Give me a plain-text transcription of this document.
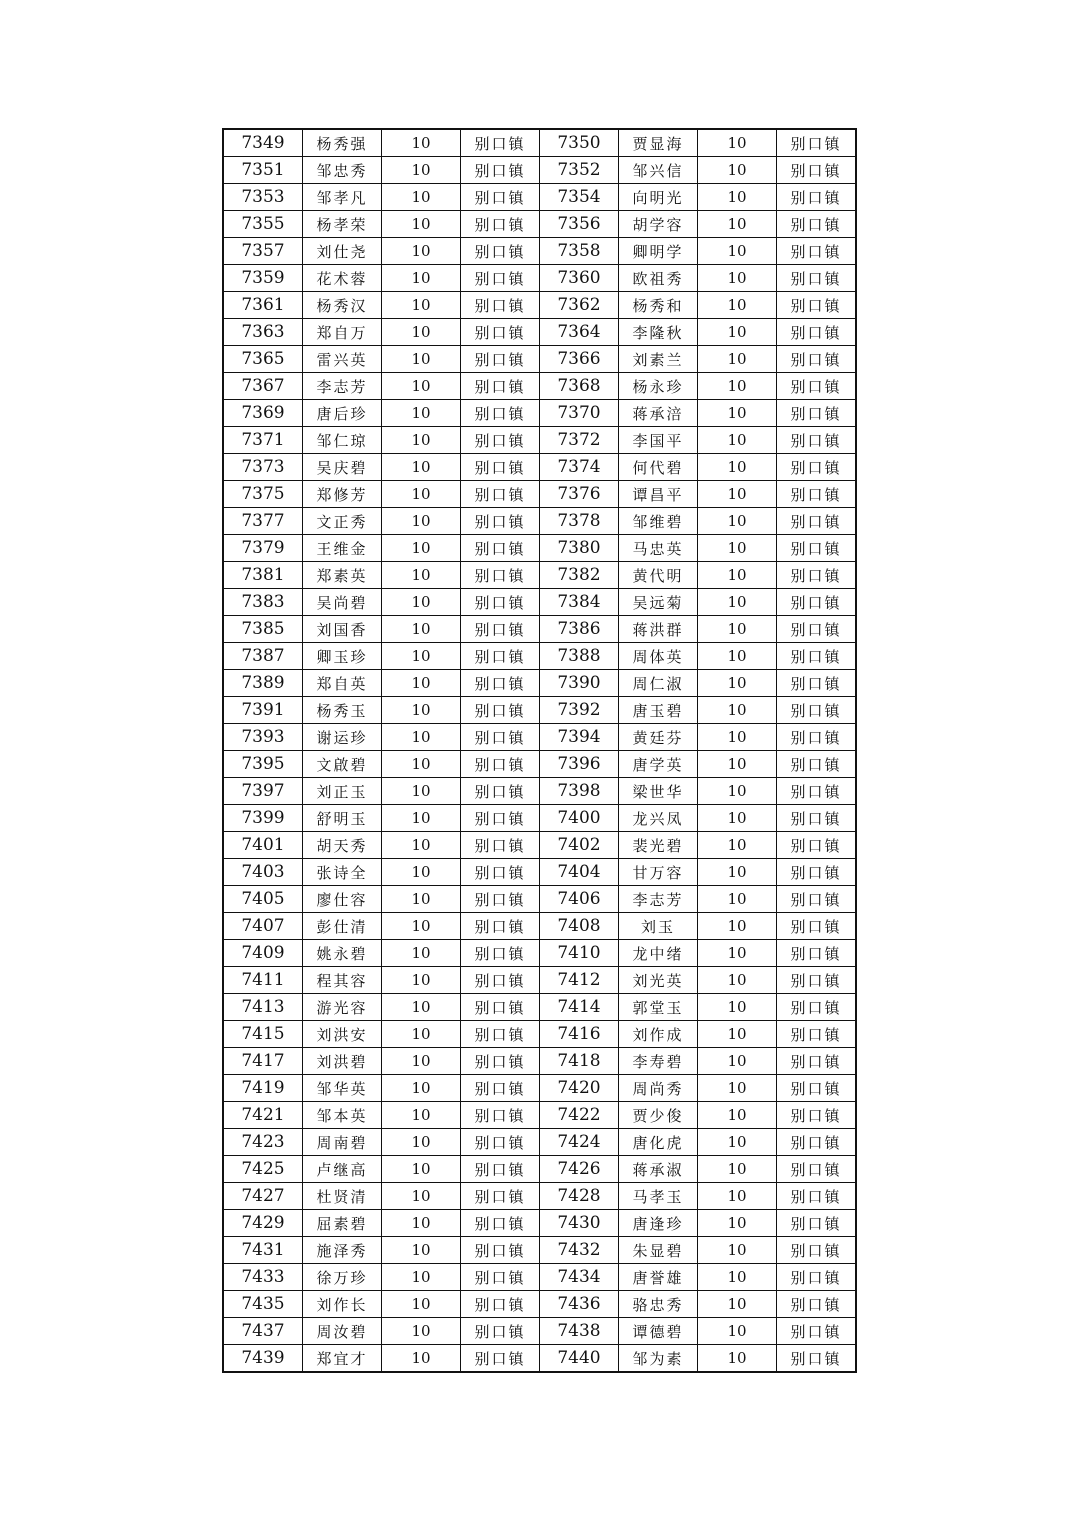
7349	杨秀强	10	别口镇	7350	贾显海	10	别口镇
7351	邹忠秀	10	别口镇	7352	邹兴信	10	别口镇
7353	邹孝凡	10	别口镇	7354	向明光	10	别口镇
7355	杨孝荣	10	别口镇	7356	胡学容	10	别口镇
7357	刘仕尧	10	别口镇	7358	卿明学	10	别口镇
7359	花术蓉	10	别口镇	7360	欧祖秀	10	别口镇
7361	杨秀汉	10	别口镇	7362	杨秀和	10	别口镇
7363	郑自万	10	别口镇	7364	李隆秋	10	别口镇
7365	雷兴英	10	别口镇	7366	刘素兰	10	别口镇
7367	李志芳	10	别口镇	7368	杨永珍	10	别口镇
7369	唐后珍	10	别口镇	7370	蒋承涪	10	别口镇
7371	邹仁琼	10	别口镇	7372	李国平	10	别口镇
7373	吴庆碧	10	别口镇	7374	何代碧	10	别口镇
7375	郑修芳	10	别口镇	7376	谭昌平	10	别口镇
7377	文正秀	10	别口镇	7378	邹维碧	10	别口镇
7379	王维金	10	别口镇	7380	马忠英	10	别口镇
7381	郑素英	10	别口镇	7382	黄代明	10	别口镇
7383	吴尚碧	10	别口镇	7384	吴远菊	10	别口镇
7385	刘国香	10	别口镇	7386	蒋洪群	10	别口镇
7387	卿玉珍	10	别口镇	7388	周体英	10	别口镇
7389	郑自英	10	别口镇	7390	周仁淑	10	别口镇
7391	杨秀玉	10	别口镇	7392	唐玉碧	10	别口镇
7393	谢运珍	10	别口镇	7394	黄廷芬	10	别口镇
7395	文啟碧	10	别口镇	7396	唐学英	10	别口镇
7397	刘正玉	10	别口镇	7398	梁世华	10	别口镇
7399	舒明玉	10	别口镇	7400	龙兴凤	10	别口镇
7401	胡天秀	10	别口镇	7402	裴光碧	10	别口镇
7403	张诗全	10	别口镇	7404	甘万容	10	别口镇
7405	廖仕容	10	别口镇	7406	李志芳	10	别口镇
7407	彭仕清	10	别口镇	7408	刘玉	10	别口镇
7409	姚永碧	10	别口镇	7410	龙中绪	10	别口镇
7411	程其容	10	别口镇	7412	刘光英	10	别口镇
7413	游光容	10	别口镇	7414	郭堂玉	10	别口镇
7415	刘洪安	10	别口镇	7416	刘作成	10	别口镇
7417	刘洪碧	10	别口镇	7418	李寿碧	10	别口镇
7419	邹华英	10	别口镇	7420	周尚秀	10	别口镇
7421	邹本英	10	别口镇	7422	贾少俊	10	别口镇
7423	周南碧	10	别口镇	7424	唐化虎	10	别口镇
7425	卢继高	10	别口镇	7426	蒋承淑	10	别口镇
7427	杜贤清	10	别口镇	7428	马孝玉	10	别口镇
7429	屈素碧	10	别口镇	7430	唐逢珍	10	别口镇
7431	施泽秀	10	别口镇	7432	朱显碧	10	别口镇
7433	徐万珍	10	别口镇	7434	唐誉雄	10	别口镇
7435	刘作长	10	别口镇	7436	骆忠秀	10	别口镇
7437	周汝碧	10	别口镇	7438	谭德碧	10	别口镇
7439	郑宜才	10	别口镇	7440	邹为素	10	别口镇
